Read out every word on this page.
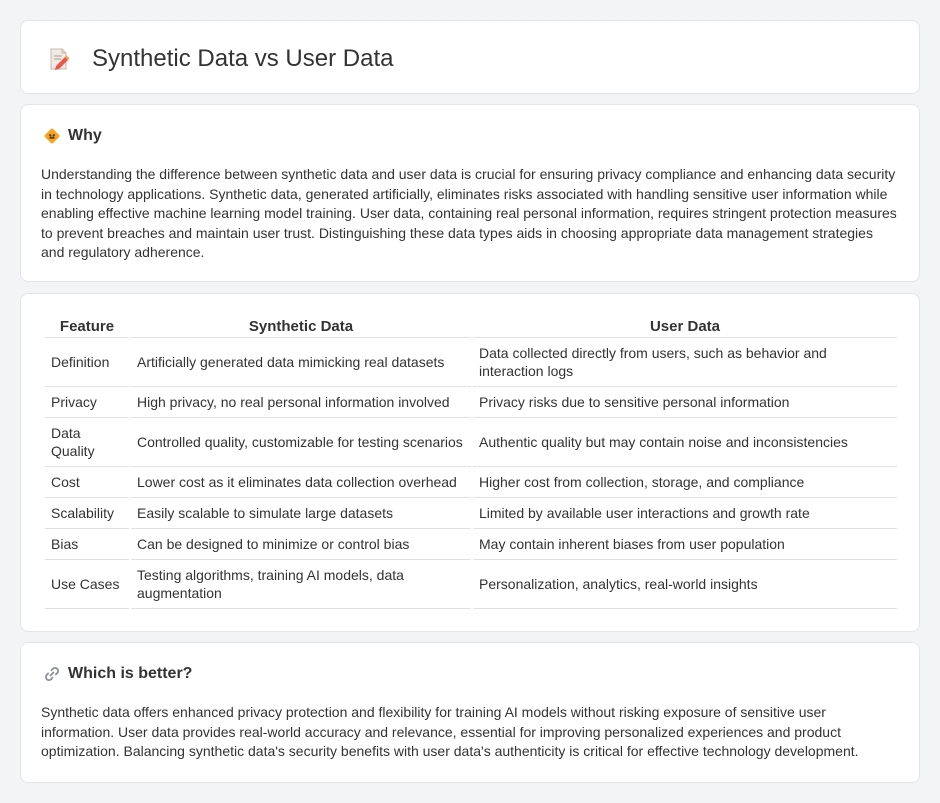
Synthetic Data vs User Data
Why

Understanding the difference between synthetic data and user data is crucial for ensuring privacy compliance and enhancing data security in technology applications. Synthetic data, generated artificially, eliminates risks associated with handling sensitive user information while enabling effective machine learning model training. User data, containing real personal information, requires stringent protection measures to prevent breaches and maintain user trust. Distinguishing these data types aids in choosing appropriate data management strategies and regulatory adherence.

Feature	Synthetic Data	User Data
Definition	Artificially generated data mimicking real datasets	Data collected directly from users, such as behavior and interaction logs
Privacy	High privacy, no real personal information involved	Privacy risks due to sensitive personal information
Data Quality	Controlled quality, customizable for testing scenarios	Authentic quality but may contain noise and inconsistencies
Cost	Lower cost as it eliminates data collection overhead	Higher cost from collection, storage, and compliance
Scalability	Easily scalable to simulate large datasets	Limited by available user interactions and growth rate
Bias	Can be designed to minimize or control bias	May contain inherent biases from user population
Use Cases	Testing algorithms, training AI models, data augmentation	Personalization, analytics, real-world insights
Which is better?

Synthetic data offers enhanced privacy protection and flexibility for training AI models without risking exposure of sensitive user information. User data provides real-world accuracy and relevance, essential for improving personalized experiences and product optimization. Balancing synthetic data's security benefits with user data's authenticity is critical for effective technology development.
